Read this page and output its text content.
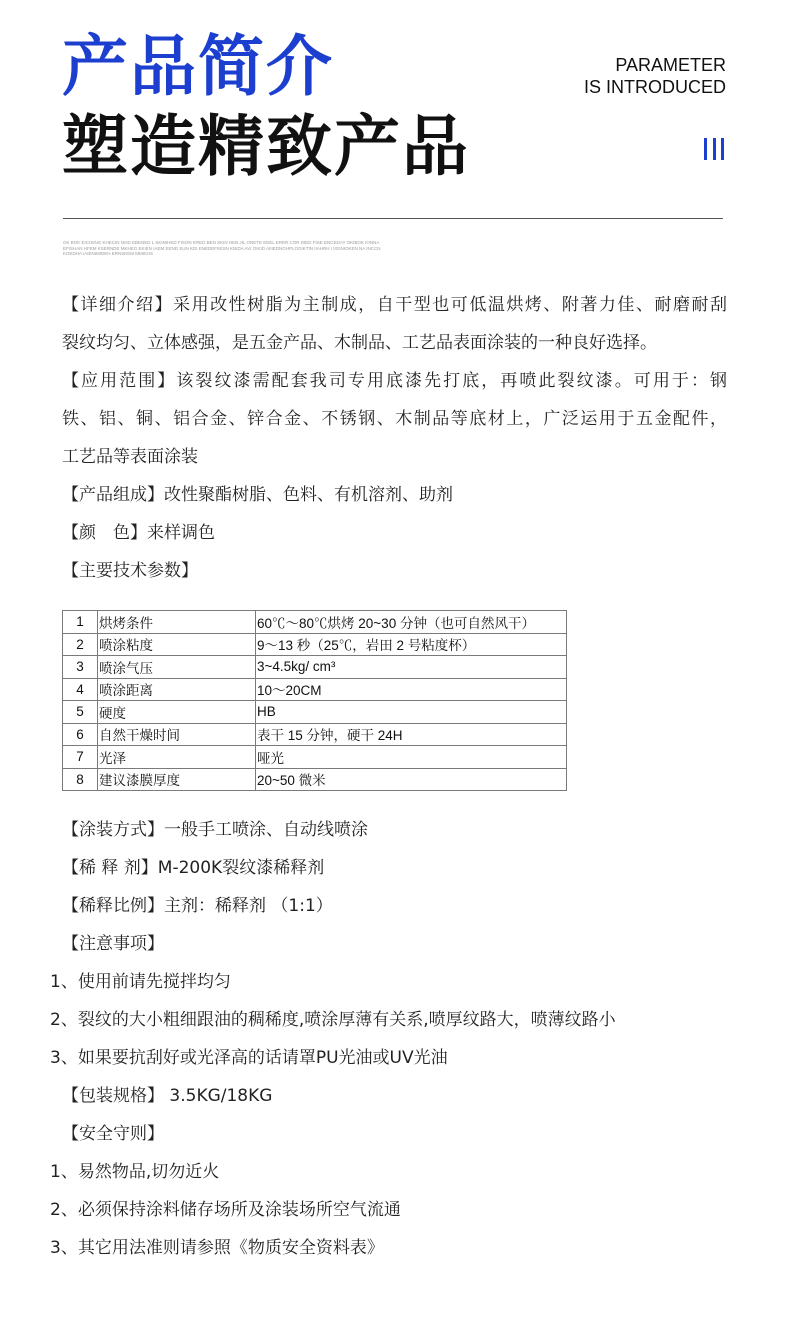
产品简介
塑造精致产品
PARAMETER
IS INTRODUCED
OK BOK EICISING KHECIN NOD EBENED L SKINIHED FISON ERED BEN SKIN HEB JIL ONETE EEEL ERER COR DIED FISE ENCEDAY OKIBOK IONNA EFISHAN HFEM KSERNDE MKHEG EKIEN IAEM EEND SUN KDI ENEDEFIIESN KNIDA AVI OIKID AIIIEDNGHPLOGIKTIN IIAHRH I IIGINIOKEN NA INCCNKOKDHA IAIENIMIDEH ERNSKEM MMIIGIS
【详细介绍】采用改性树脂为主制成，自干型也可低温烘烤、附著力佳、耐磨耐刮
裂纹均匀、立体感强，是五金产品、木制品、工艺品表面涂装的一种良好选择。
【应用范围】该裂纹漆需配套我司专用底漆先打底，再喷此裂纹漆。可用于：钢
铁、铝、铜、铝合金、锌合金、不锈钢、木制品等底材上，广泛运用于五金配件，
工艺品等表面涂装
【产品组成】改性聚酯树脂、色料、有机溶剂、助剂
【颜　色】来样调色
【主要技术参数】
1	烘烤条件	60℃～80℃烘烤 20~30 分钟（也可自然风干）
2	喷涂粘度	9～13 秒（25℃，岩田 2 号粘度杯）
3	喷涂气压	3~4.5kg/ cm³
4	喷涂距离	10～20CM
5	硬度	HB
6	自然干燥时间	表干 15 分钟，硬干 24H
7	光泽	哑光
8	建议漆膜厚度	20~50 微米
【涂装方式】一般手工喷涂、自动线喷涂
【稀 释 剂】M-200K裂纹漆稀释剂
【稀释比例】主剂：稀释剂 （1:1）
【注意事项】
1、使用前请先搅拌均匀
2、裂纹的大小粗细跟油的稠稀度,喷涂厚薄有关系,喷厚纹路大，喷薄纹路小
3、如果要抗刮好或光泽高的话请罩PU光油或UV光油
【包装规格】 3.5KG/18KG
【安全守则】
1、易然物品,切勿近火
2、必须保持涂料储存场所及涂装场所空气流通
3、其它用法准则请参照《物质安全资料表》
